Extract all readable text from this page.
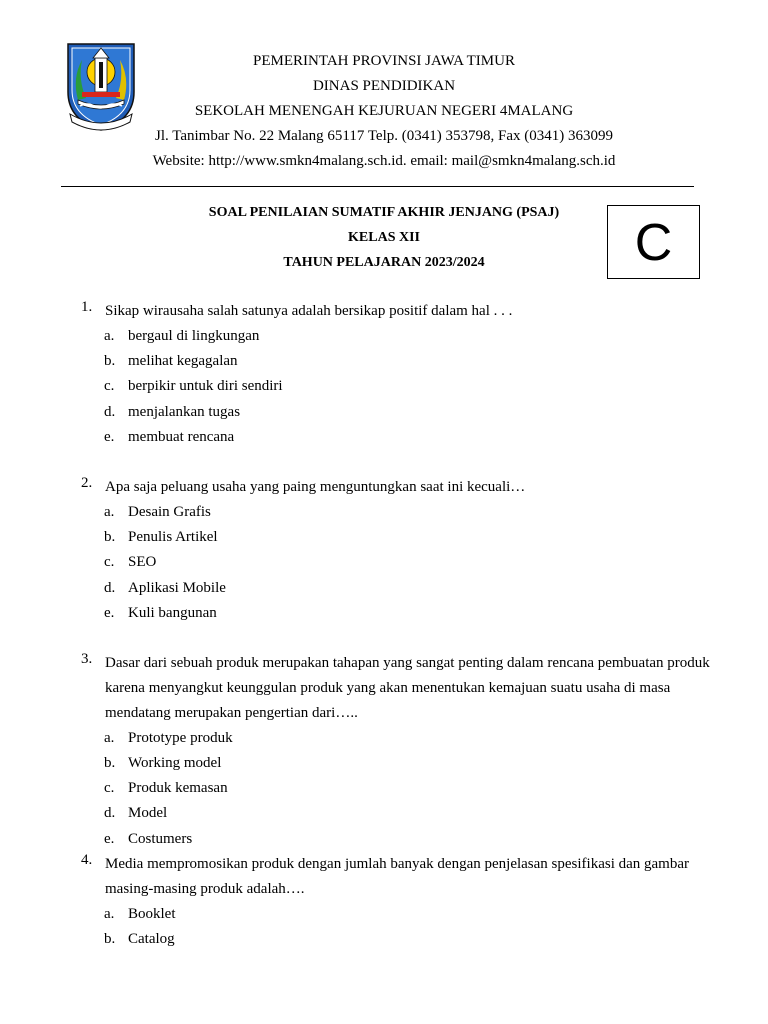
PEMERINTAH PROVINSI JAWA TIMUR
DINAS PENDIDIKAN
SEKOLAH MENENGAH KEJURUAN NEGERI 4MALANG
Jl. Tanimbar No. 22 Malang 65117 Telp. (0341) 353798, Fax (0341) 363099
Website: http://www.smkn4malang.sch.id. email: mail@smkn4malang.sch.id
SOAL PENILAIAN SUMATIF AKHIR JENJANG (PSAJ)
KELAS XII
TAHUN PELAJARAN 2023/2024	C
1. Sikap wirausaha salah satunya adalah bersikap positif dalam hal . . .
a. bergaul di lingkungan
b. melihat kegagalan
c. berpikir untuk diri sendiri
d. menjalankan tugas
e. membuat rencana
2. Apa saja peluang usaha yang paing menguntungkan saat ini kecuali…
a. Desain Grafis
b. Penulis Artikel
c. SEO
d. Aplikasi Mobile
e. Kuli bangunan
3. Dasar dari sebuah produk merupakan tahapan yang sangat penting dalam rencana pembuatan produk karena menyangkut keunggulan produk yang akan menentukan kemajuan suatu usaha di masa mendatang merupakan pengertian dari…..
a. Prototype produk
b. Working model
c. Produk kemasan
d. Model
e. Costumers
4. Media mempromosikan produk dengan jumlah banyak dengan penjelasan spesifikasi dan gambar masing-masing produk adalah….
a. Booklet
b. Catalog
